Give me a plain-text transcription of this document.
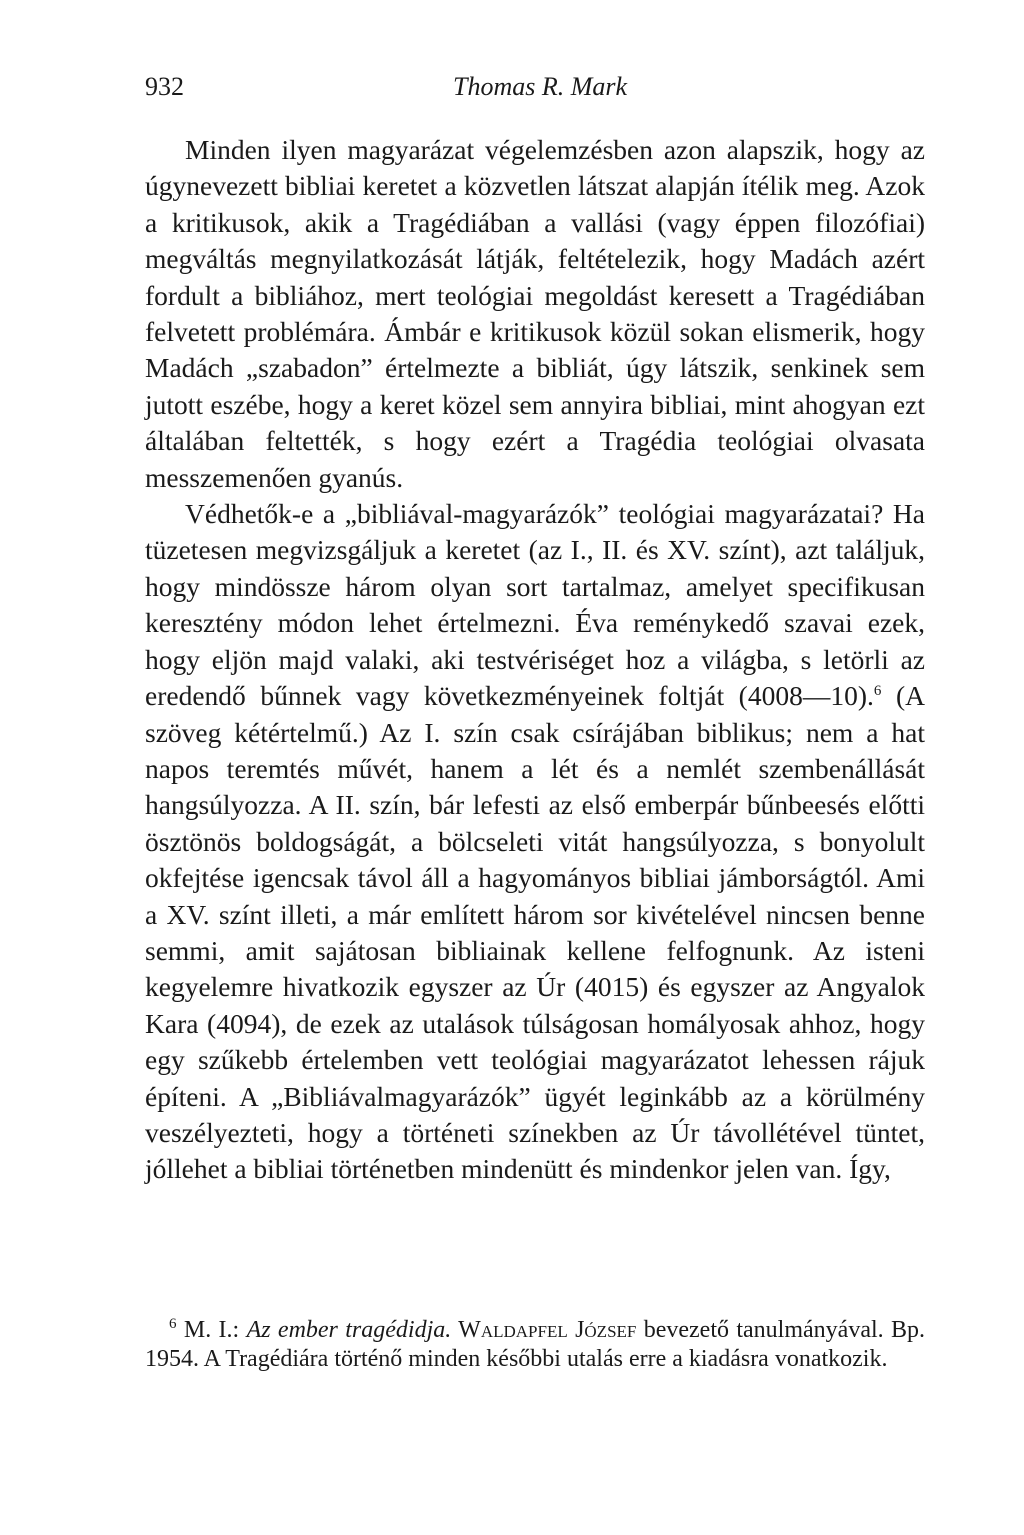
932	Thomas R. Mark

Minden ilyen magyarázat végelemzésben azon alapszik, hogy az úgynevezett bibliai keretet a közvetlen látszat alapján ítélik meg. Azok a kritikusok, akik a Tragédiában a vallási (vagy éppen filozófiai) megváltás megnyilatkozását látják, feltételezik, hogy Madách azért fordult a bibliához, mert teológiai megoldást keresett a Tragédiában felvetett problémára. Ámbár e kritikusok közül sokan elismerik, hogy Madách „szabadon” értelmezte a bibliát, úgy látszik, senkinek sem jutott eszébe, hogy a keret közel sem annyira bibliai, mint ahogyan ezt általában feltették, s hogy ezért a Tragédia teológiai olvasata messzemenően gyanús.

Védhetők-e a „bibliával-magyarázók” teológiai magyarázatai? Ha tüzetesen megvizsgáljuk a keretet (az I., II. és XV. színt), azt találjuk, hogy mindössze három olyan sort tartalmaz, amelyet specifikusan keresztény módon lehet értelmezni. Éva reménykedő szavai ezek, hogy eljön majd valaki, aki testvériséget hoz a világba, s letörli az eredendő bűnnek vagy következményeinek foltját (4008—10).$^6$ (A szöveg kétértelmű.) Az I. szín csak csírájában biblikus; nem a hat napos teremtés művét, hanem a lét és a nemlét szembenállását hangsúlyozza. A II. szín, bár lefesti az első emberpár bűnbeesés előtti ösztönös boldogságát, a bölcseleti vitát hangsúlyozza, s bonyolult okfejtése igencsak távol áll a hagyományos bibliai jámborságtól. Ami a XV. színt illeti, a már említett három sor kivételével nincsen benne semmi, amit sajátosan bibliainak kellene felfognunk. Az isteni kegyelemre hivatkozik egyszer az Úr (4015) és egyszer az Angyalok Kara (4094), de ezek az utalások túlságosan homályosak ahhoz, hogy egy szűkebb értelemben vett teológiai magyarázatot lehessen rájuk építeni. A „Bibliávalmagyarázók” ügyét leginkább az a körülmény veszélyezteti, hogy a történeti színekben az Úr távollétével tüntet, jóllehet a bibliai történetben mindenütt és mindenkor jelen van. Így,

$^6$ M. I.: Az ember tragédidja. Waldapfel József bevezető tanulmányával. Bp. 1954. A Tragédiára történő minden későbbi utalás erre a kiadásra vonatkozik.
